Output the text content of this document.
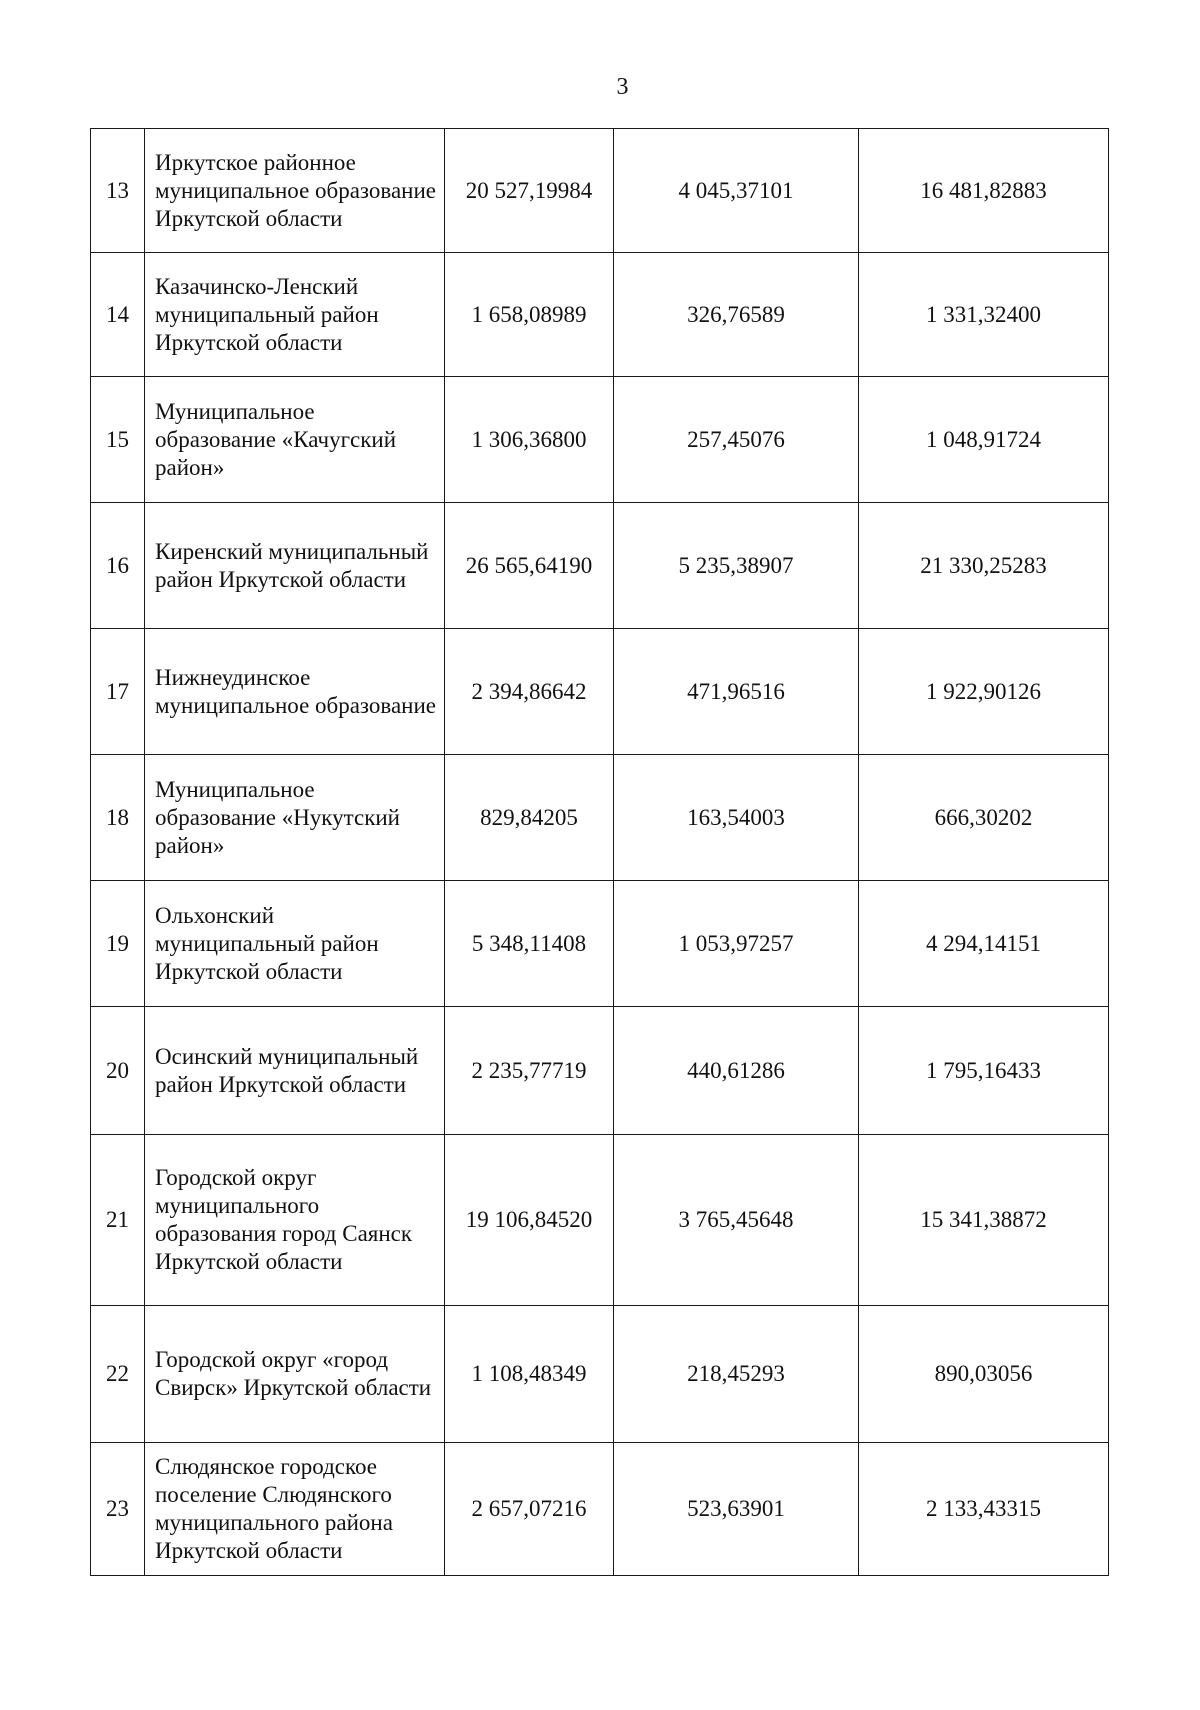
3
13	Иркутское районное муниципальное образование Иркутской области	20 527,19984	4 045,37101	16 481,82883
14	Казачинско-Ленский муниципальный район Иркутской области	1 658,08989	326,76589	1 331,32400
15	Муниципальное образование «Качугский район»	1 306,36800	257,45076	1 048,91724
16	Киренский муниципальный район Иркутской области	26 565,64190	5 235,38907	21 330,25283
17	Нижнеудинское муниципальное образование	2 394,86642	471,96516	1 922,90126
18	Муниципальное образование «Нукутский район»	829,84205	163,54003	666,30202
19	Ольхонский муниципальный район Иркутской области	5 348,11408	1 053,97257	4 294,14151
20	Осинский муниципальный район Иркутской области	2 235,77719	440,61286	1 795,16433
21	Городской округ муниципального образования город Саянск Иркутской области	19 106,84520	3 765,45648	15 341,38872
22	Городской округ «город Свирск» Иркутской области	1 108,48349	218,45293	890,03056
23	Слюдянское городское поселение Слюдянского муниципального района Иркутской области	2 657,07216	523,63901	2 133,43315
